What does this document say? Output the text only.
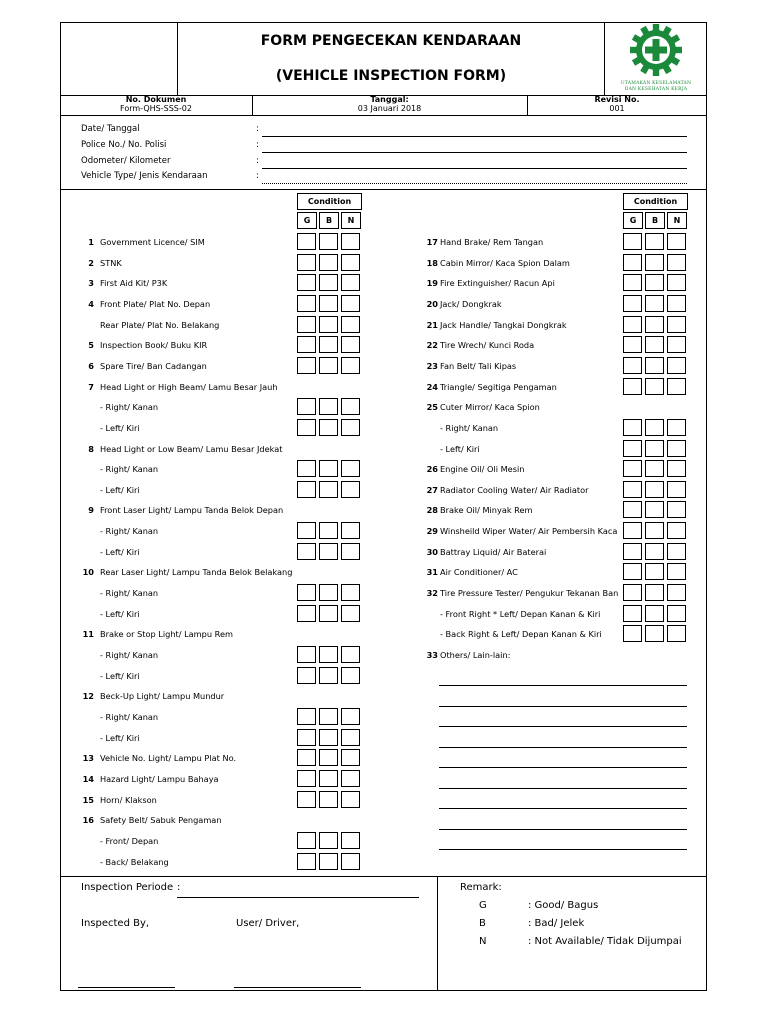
FORM PENGECEKAN KENDARAAN
(VEHICLE INSPECTION FORM)	UTAMAKAN KESELAMATAN
DAN KESEHATAN KERJA
No. Dokumen
Form-QHS-SSS-02
Tanggal:
03 Januari 2018
Revisi No.
001
Date/ Tanggal	:
Police No./ No. Polisi	:
Odometer/ Kilometer	:
Vehicle Type/ Jenis Kendaraan	:
Condition
G	B	N
Condition
G	B	N
1 Government Licence/ SIM
2 STNK
3 First Aid Kit/ P3K
4 Front Plate/ Plat No. Depan
Rear Plate/ Plat No. Belakang
5 Inspection Book/ Buku KIR
6 Spare Tire/ Ban Cadangan
7 Head Light or High Beam/ Lamu Besar Jauh
- Right/ Kanan
- Left/ Kiri
8 Head Light or Low Beam/ Lamu Besar Jdekat
- Right/ Kanan
- Left/ Kiri
9 Front Laser Light/ Lampu Tanda Belok Depan
- Right/ Kanan
- Left/ Kiri
10 Rear Laser Light/ Lampu Tanda Belok Belakang
- Right/ Kanan
- Left/ Kiri
11 Brake or Stop Light/ Lampu Rem
- Right/ Kanan
- Left/ Kiri
12 Beck-Up Light/ Lampu Mundur
- Right/ Kanan
- Left/ Kiri
13 Vehicle No. Light/ Lampu Plat No.
14 Hazard Light/ Lampu Bahaya
15 Horn/ Klakson
16 Safety Belt/ Sabuk Pengaman
- Front/ Depan
- Back/ Belakang
17 Hand Brake/ Rem Tangan
18 Cabin Mirror/ Kaca Spion Dalam
19 Fire Extinguisher/ Racun Api
20 Jack/ Dongkrak
21 Jack Handle/ Tangkai Dongkrak
22 Tire Wrech/ Kunci Roda
23 Fan Belt/ Tali Kipas
24 Triangle/ Segitiga Pengaman
25 Cuter Mirror/ Kaca Spion
- Right/ Kanan
- Left/ Kiri
26 Engine Oil/ Oli Mesin
27 Radiator Cooling Water/ Air Radiator
28 Brake Oil/ Minyak Rem
29 Winsheild Wiper Water/ Air Pembersih Kaca
30 Battray Liquid/ Air Baterai
31 Air Conditioner/ AC
32 Tire Pressure Tester/ Pengukur Tekanan Ban
- Front Right * Left/ Depan Kanan & Kiri
- Back Right & Left/ Depan Kanan & Kiri
33 Others/ Lain-lain:
Inspection Periode :
Inspected By,	User/ Driver,
Remark:
G	: Good/ Bagus
B	: Bad/ Jelek
N	: Not Available/ Tidak Dijumpai
